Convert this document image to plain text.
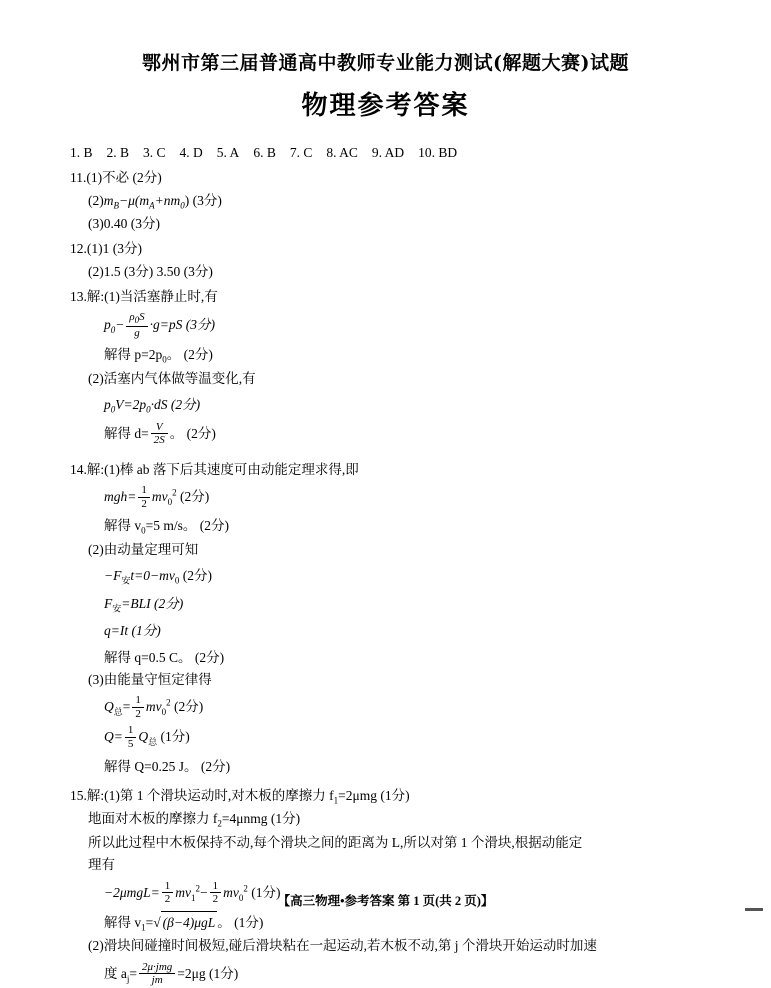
鄂州市第三届普通高中教师专业能力测试(解题大赛)试题
物理参考答案
1. B 2. B 3. C 4. D 5. A 6. B 7. C 8. AC 9. AD 10. BD
11.(1)不必 (2分)
$(2)m_B-\mu(m_A+nm_0)$ (3分)
(3)0.40 (3分)
12.(1)1 (3分)
(2)1.5 (3分) 3.50 (3分)
13.解:(1)当活塞静止时,有
$p_0- \frac{\rho_0S}{g} \cdot g=pS$ (3分)
解得 $p=2p_0$。 (2分)
(2)活塞内气体做等温变化,有
$p_0V=2p_0\cdot dS$ (2分)
解得 $d= \frac{V}{2S}$ 。 (2分)
14.解:(1)棒 ab 落下后其速度可由动能定理求得,即
$mgh= \frac{1}{2} mv_0^2$ (2分)
解得 $v_0=5$ m/s。 (2分)
(2)由动量定理可知
$-F_安t=0-mv_0$ (2分)
$F_安=BLI$ (2分)
q=It (1分)
解得 q=0.5 C。 (2分)
(3)由能量守恒定律得
$Q_总= \frac{1}{2} mv_0^2$ (2分)
$Q= \frac{1}{5} Q_总$ (1分)
解得 Q=0.25 J。 (2分)
15.解:(1)第 1 个滑块运动时,对木板的摩擦力 $f_1=2\mu mg$ (1分)
地面对木板的摩擦力 $f_2=4\mu nmg$ (1分)
所以此过程中木板保持不动,每个滑块之间的距离为 L,所以对第 1 个滑块,根据动能定
理有
$-2\mu mgL= \frac{1}{2} mv_1^2- \frac{1}{2} mv_0^2$ (1分)
解得 $v_1=√$ (β−4)μgL 。 (1分)
(2)滑块间碰撞时间极短,碰后滑块粘在一起运动,若木板不动,第 j 个滑块开始运动时加速
度 $a_j= \frac{\text{2μ·jmg}}{jm} =2\mu g$ (1分)
【高三物理•参考答案 第 1 页(共 2 页)】
